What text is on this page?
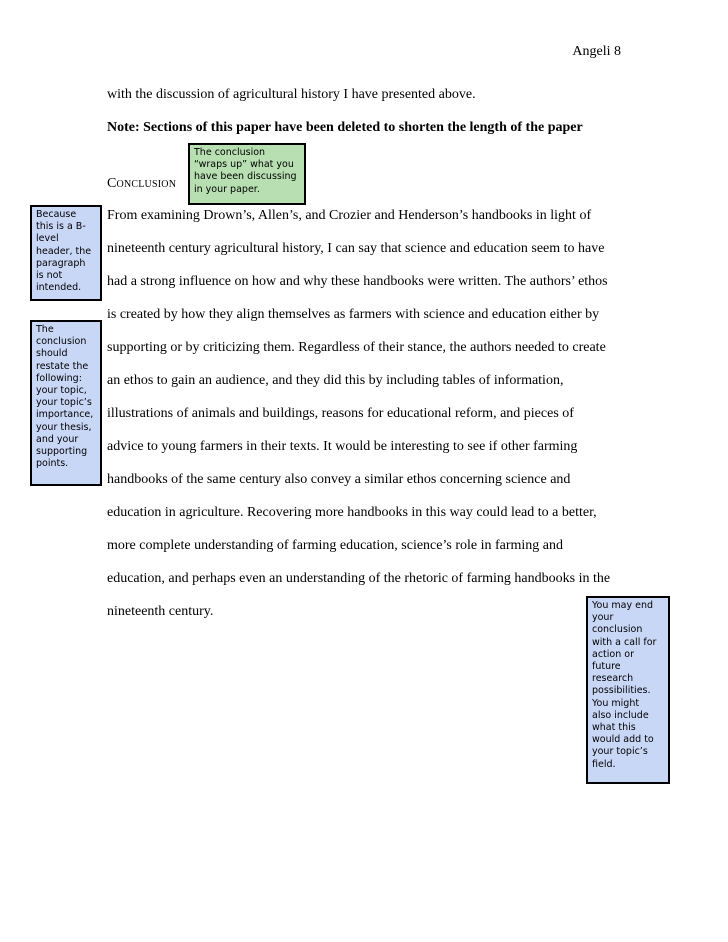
Angeli 8
with the discussion of agricultural history I have presented above.
Note: Sections of this paper have been deleted to shorten the length of the paper
Conclusion
From examining Drown’s, Allen’s, and Crozier and Henderson’s handbooks in light of
nineteenth century agricultural history, I can say that science and education seem to have
had a strong influence on how and why these handbooks were written. The authors’ ethos
is created by how they align themselves as farmers with science and education either by
supporting or by criticizing them. Regardless of their stance, the authors needed to create
an ethos to gain an audience, and they did this by including tables of information,
illustrations of animals and buildings, reasons for educational reform, and pieces of
advice to young farmers in their texts. It would be interesting to see if other farming
handbooks of the same century also convey a similar ethos concerning science and
education in agriculture. Recovering more handbooks in this way could lead to a better,
more complete understanding of farming education, science’s role in farming and
education, and perhaps even an understanding of the rhetoric of farming handbooks in the
nineteenth century.
The conclusion
“wraps up” what you
have been discussing
in your paper.
Because
this is a B-
level
header, the
paragraph
is not
intended.
The
conclusion
should
restate the
following:
your topic,
your topic’s
importance,
your thesis,
and your
supporting
points.
You may end
your
conclusion
with a call for
action or
future
research
possibilities.
You might
also include
what this
would add to
your topic’s
field.
